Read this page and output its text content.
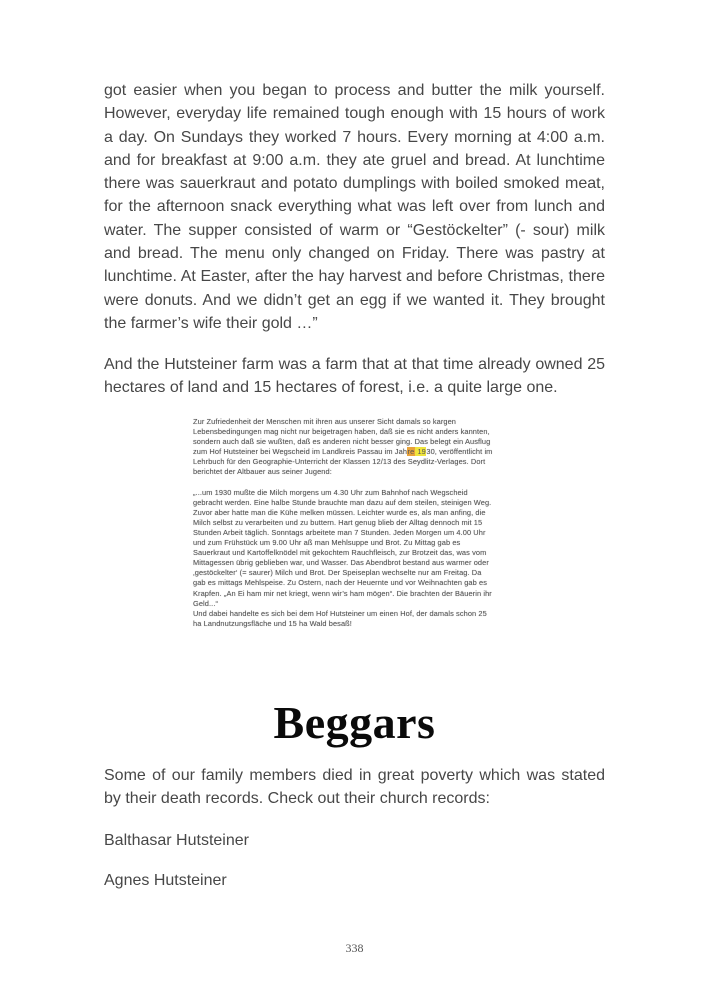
got easier when you began to process and butter the milk yourself. However, everyday life remained tough enough with 15 hours of work a day. On Sundays they worked 7 hours. Every morning at 4:00 a.m. and for breakfast at 9:00 a.m. they ate gruel and bread. At lunchtime there was sauerkraut and potato dumplings with boiled smoked meat, for the afternoon snack everything what was left over from lunch and water. The supper consisted of warm or “Gestöckelter” (- sour) milk and bread. The menu only changed on Friday. There was pastry at lunchtime. At Easter, after the hay harvest and before Christmas, there were donuts. And we didn’t get an egg if we wanted it. They brought the farmer’s wife their gold …”
And the Hutsteiner farm was a farm that at that time already owned 25 hectares of land and 15 hectares of forest, i.e. a quite large one.
Zur Zufriedenheit der Menschen mit ihren aus unserer Sicht damals so kargen
Lebensbedingungen mag nicht nur beigetragen haben, daß sie es nicht anders kannten,
sondern auch daß sie wußten, daß es anderen nicht besser ging. Das belegt ein Ausflug
zum Hof Hutsteiner bei Wegscheid im Landkreis Passau im Jahre 1930, veröffentlicht im
Lehrbuch für den Geographie-Unterricht der Klassen 12/13 des Seydlitz-Verlages. Dort
berichtet der Altbauer aus seiner Jugend:
„...um 1930 mußte die Milch morgens um 4.30 Uhr zum Bahnhof nach Wegscheid
gebracht werden. Eine halbe Stunde brauchte man dazu auf dem steilen, steinigen Weg.
Zuvor aber hatte man die Kühe melken müssen. Leichter wurde es, als man anfing, die
Milch selbst zu verarbeiten und zu buttern. Hart genug blieb der Alltag dennoch mit 15
Stunden Arbeit täglich. Sonntags arbeitete man 7 Stunden. Jeden Morgen um 4.00 Uhr
und zum Frühstück um 9.00 Uhr aß man Mehlsuppe und Brot. Zu Mittag gab es
Sauerkraut und Kartoffelknödel mit gekochtem Rauchfleisch, zur Brotzeit das, was vom
Mittagessen übrig geblieben war, und Wasser. Das Abendbrot bestand aus warmer oder
‚gestöckelter‘ (= saurer) Milch und Brot. Der Speiseplan wechselte nur am Freitag. Da
gab es mittags Mehlspeise. Zu Ostern, nach der Heuernte und vor Weihnachten gab es
Krapfen. „An Ei ham mir net kriegt, wenn wir’s ham mögen“. Die brachten der Bäuerin ihr
Geld...“
Und dabei handelte es sich bei dem Hof Hutsteiner um einen Hof, der damals schon 25
ha Landnutzungsfläche und 15 ha Wald besaß!
Beggars
Some of our family members died in great poverty which was stated by their death records. Check out their church records:
Balthasar Hutsteiner
Agnes Hutsteiner
338
